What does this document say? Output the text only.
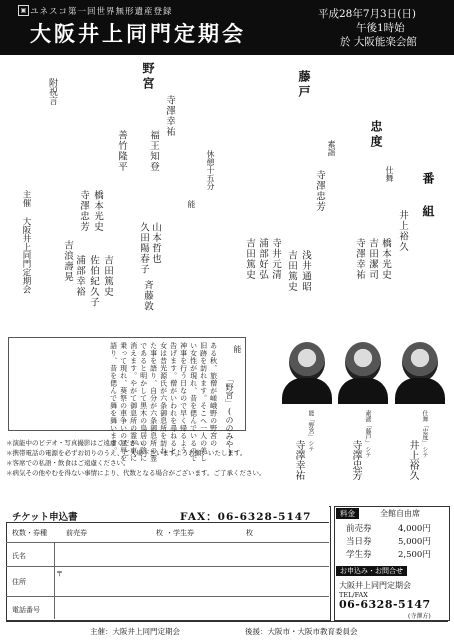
▣ ユネスコ第一回世界無形遺産登録
大阪井上同門定期会
平成28年7月3日(日)
午後1時始
於 大阪能楽会館
番
組
忠度
仕舞
井上裕久
橋本光史
吉田潔司
寺澤幸祐
藤戸
素謡
寺澤忠芳
吉田篤史 浅井通昭
寺井元清
浦部好弘
吉田篤史
休憩十五分
能
野宮
寺澤幸祐
福王知登
善竹隆平
山本哲也
久田陽春子
斉藤敦
吉田篤史
佐伯紀久子
浦部幸裕
橋本光史
寺澤忠芳
吉浪壽晃
附祝言
主催 大阪井上同門定期会
能
「野宮」(ののみや)
ある秋、旅僧が嵯峨野の野宮の
旧跡を訪れます。そこへ一人の美し
い女性が現れ、昔を偲んでいるので
神事を行う日なので早く帰るよう
告げます。僧がいわれを尋ねると、
女は昔光源氏が六条御息所を訪ね
た事を語り、自分が六条御息所の霊
であると明かして黒木の鳥居の陰に
消えます。やがて御息所の霊が車に
乗って現れ、葵祭の車争いの屈辱を
語り、昔を偲んで舞を舞います。	仕舞「忠度」シテ
井上裕久
素謡「藤戸」シテ
寺澤忠芳
能「野宮」シテ
寺澤幸祐
＊演能中のビデオ・写真撮影はご遠慮ください。
＊携帯電話の電源を必ずお切りのうえ、ご入場下さいますようお願いいたします。
＊客席での私語・飲食はご遠慮ください。
＊病気その他やむを得ない事情により、代数となる場合がございます。ご了承ください。
チケット申込書	FAX：06-6328-5147
枚数・券種	前売券	枚 ・学生券	枚
氏名
〒
住所
電話番号
料金	全館自由席
前売券	4,000円
当日券	5,000円
学生券	2,500円
お申込み・お問合せ
大阪井上同門定期会
TEL/FAX
06-6328-5147
(寺澤方)
主催：大阪井上同門定期会	後援：大阪市・大阪市教育委員会
